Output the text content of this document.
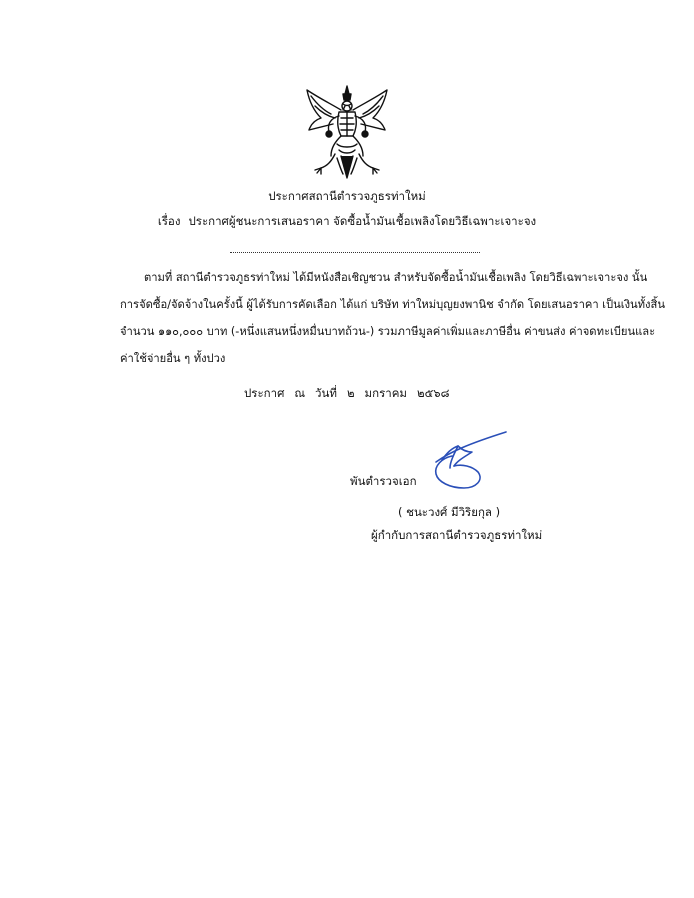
ประกาศสถานีตำรวจภูธรท่าใหม่
เรื่อง ประกาศผู้ชนะการเสนอราคา จัดซื้อน้ำมันเชื้อเพลิงโดยวิธีเฉพาะเจาะจง
ตามที่ สถานีตำรวจภูธรท่าใหม่ ได้มีหนังสือเชิญชวน สำหรับจัดซื้อน้ำมันเชื้อเพลิง โดยวิธีเฉพาะเจาะจง นั้น
การจัดซื้อ/จัดจ้างในครั้งนี้ ผู้ได้รับการคัดเลือก ได้แก่ บริษัท ท่าใหม่บุญยงพานิช จำกัด โดยเสนอราคา เป็นเงินทั้งสิ้น
จำนวน ๑๑๐,๐๐๐ บาท (-หนึ่งแสนหนึ่งหมื่นบาทถ้วน-) รวมภาษีมูลค่าเพิ่มและภาษีอื่น ค่าขนส่ง ค่าจดทะเบียนและ
ค่าใช้จ่ายอื่น ๆ ทั้งปวง
ประกาศ ณ วันที่ ๒ มกราคม ๒๕๖๘
พันตำรวจเอก
( ชนะวงศ์ มีวิริยกุล )
ผู้กำกับการสถานีตำรวจภูธรท่าใหม่
